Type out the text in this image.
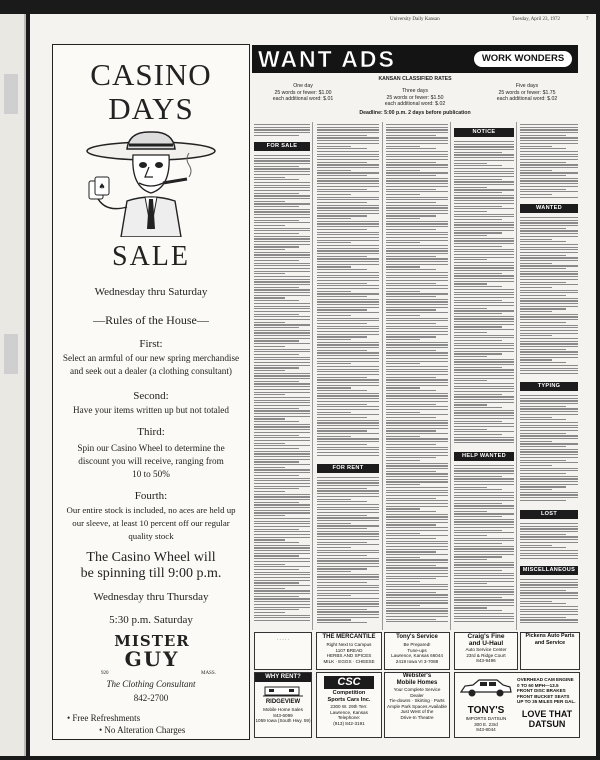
University Daily Kansan	Tuesday, April 23, 1972	7
CASINO
DAYS
♠
SALE
Wednesday thru Saturday
—Rules of the House—
First:
Select an armful of our new spring merchandise
and seek out a dealer (a clothing consultant)
Second:
Have your items written up but not totaled
Third:
Spin our Casino Wheel to determine the
discount you will receive, ranging from
10 to 50%
Fourth:
Our entire stock is included, no aces are held up
our sleeve, at least 10 percent off our regular
quality stock
The Casino Wheel will
be spinning till 9:00 p.m.
Wednesday thru Thursday
5:30 p.m. Saturday
MISTER
GUY
920	MASS.
The Clothing Consultant
842-2700
• Free Refreshments
• No Alteration Charges
WANT ADS	WORK WONDERS
KANSAN CLASSIFIED RATES
One day
25 words or fewer: $1.00
each additional word: $.01
Three days
25 words or fewer: $1.50
each additional word: $.02
Five days
25 words or fewer: $1.75
each additional word: $.02
Deadline: 5:00 p.m. 2 days before publication
FOR SALE
FOR RENT
NOTICE
HELP WANTED
WANTED
TYPING
LOST
MISCELLANEOUS
· · · · ·	THE MERCANTILE
Right Next to Campus
1107 BREAD
HERBS AND SPICES
MILK · EGGS · CHEESE
Tony's Service
Be Prepared!
Tune-ups
Lawrence, Kansas 66044
2419 Iowa VI 3-7088
Craig's Fine
and U-Haul
Auto Service Center
23rd & Ridge Court
843-9496
Pickens Auto Parts
and Service
WHY RENT?
RIDGEVIEW
Mobile Home Sales
843-6099
1059 Iowa (South Hwy. 59)
CSC
Competition
Sports Cars Inc.
2300 W. 29th Terr.
Lawrence, Kansas
Telephone:
(913) 842-3191
Webster's
Mobile Homes
Your Complete Service
Dealer
Tie-downs · Skirting · Parts
Ample Park Spaces Available
Just West of the
Drive-In Theatre
OVERHEAD CAM ENGINE
0 TO 60 MPH—13.5
FRONT DISC BRAKES
FRONT BUCKET SEATS
UP TO 35 MILES PER GAL.
TONY'S
IMPORTS DATSUN
300 E. 23rd
843-8044
LOVE THAT DATSUN
